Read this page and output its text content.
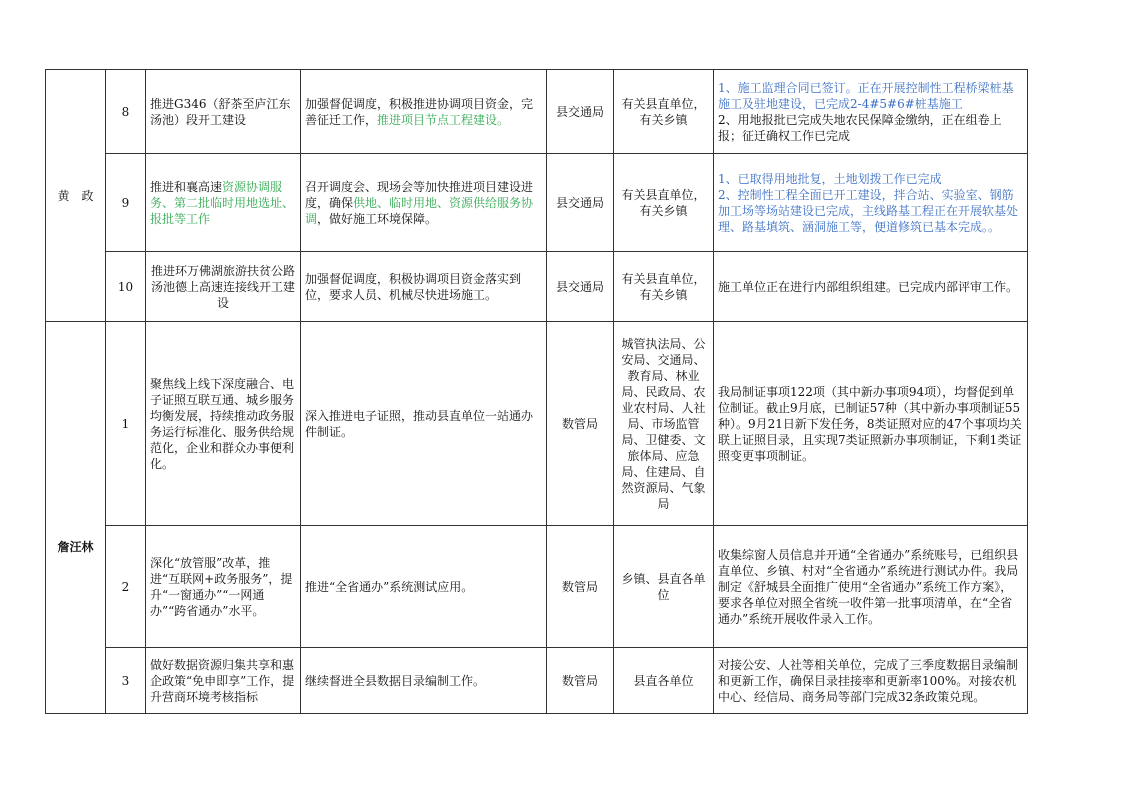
黄　政	8	推进G346（舒茶至庐江东汤池）段开工建设	加强督促调度，积极推进协调项目资金，完善征迁工作，推进项目节点工程建设。	县交通局	有关县直单位，有关乡镇	1、施工监理合同已签订。正在开展控制性工程桥梁桩基施工及驻地建设，已完成2-4#5#6#桩基施工
2、用地报批已完成失地农民保障金缴纳，正在组卷上报；征迁确权工作已完成

	9	推进和襄高速资源协调服务、第二批临时用地选址、报批等工作	召开调度会、现场会等加快推进项目建设进度，确保供地、临时用地、资源供给服务协调，做好施工环境保障。	县交通局	有关县直单位，有关乡镇	1、已取得用地批复，土地划拨工作已完成
2、控制性工程全面已开工建设，拌合站、实验室、钢筋加工场等场站建设已完成，主线路基工程正在开展软基处理、路基填筑、涵洞施工等，便道修筑已基本完成。。

	10	推进环万佛湖旅游扶贫公路汤池德上高速连接线开工建设	加强督促调度，积极协调项目资金落实到位，要求人员、机械尽快进场施工。	县交通局	有关县直单位，有关乡镇	施工单位正在进行内部组织组建。已完成内部评审工作。
詹汪林	1	聚焦线上线下深度融合、电子证照互联互通、城乡服务均衡发展，持续推动政务服务运行标准化、服务供给规范化，企业和群众办事便利化。	深入推进电子证照，推动县直单位一站通办件制证。	数管局	城管执法局、公安局、交通局、教育局、林业局、民政局、农业农村局、人社局、市场监管局、卫健委、文旅体局、应急局、住建局、自然资源局、气象局	我局制证事项122项（其中新办事项94项），均督促到单位制证。截止9月底，已制证57种（其中新办事项制证55种）。9月21日新下发任务，8类证照对应的47个事项均关联上证照目录，且实现7类证照新办事项制证，下剩1类证照变更事项制证。
	2	深化“放管服”改革，推进“互联网+政务服务”，提升“一窗通办”“一网通办”“跨省通办”水平。	推进“全省通办”系统测试应用。	数管局	乡镇、县直各单位	收集综窗人员信息并开通“全省通办”系统账号，已组织县直单位、乡镇、村对“全省通办”系统进行测试办件。我局制定《舒城县全面推广使用“全省通办”系统工作方案》，要求各单位对照全省统一收件第一批事项清单，在“全省通办”系统开展收件录入工作。
	3	做好数据资源归集共享和惠企政策“免申即享”工作，提升营商环境考核指标	继续督进全县数据目录编制工作。	数管局	县直各单位	对接公安、人社等相关单位，完成了三季度数据目录编制和更新工作，确保目录挂接率和更新率100%。对接农机中心、经信局、商务局等部门完成32条政策兑现。
